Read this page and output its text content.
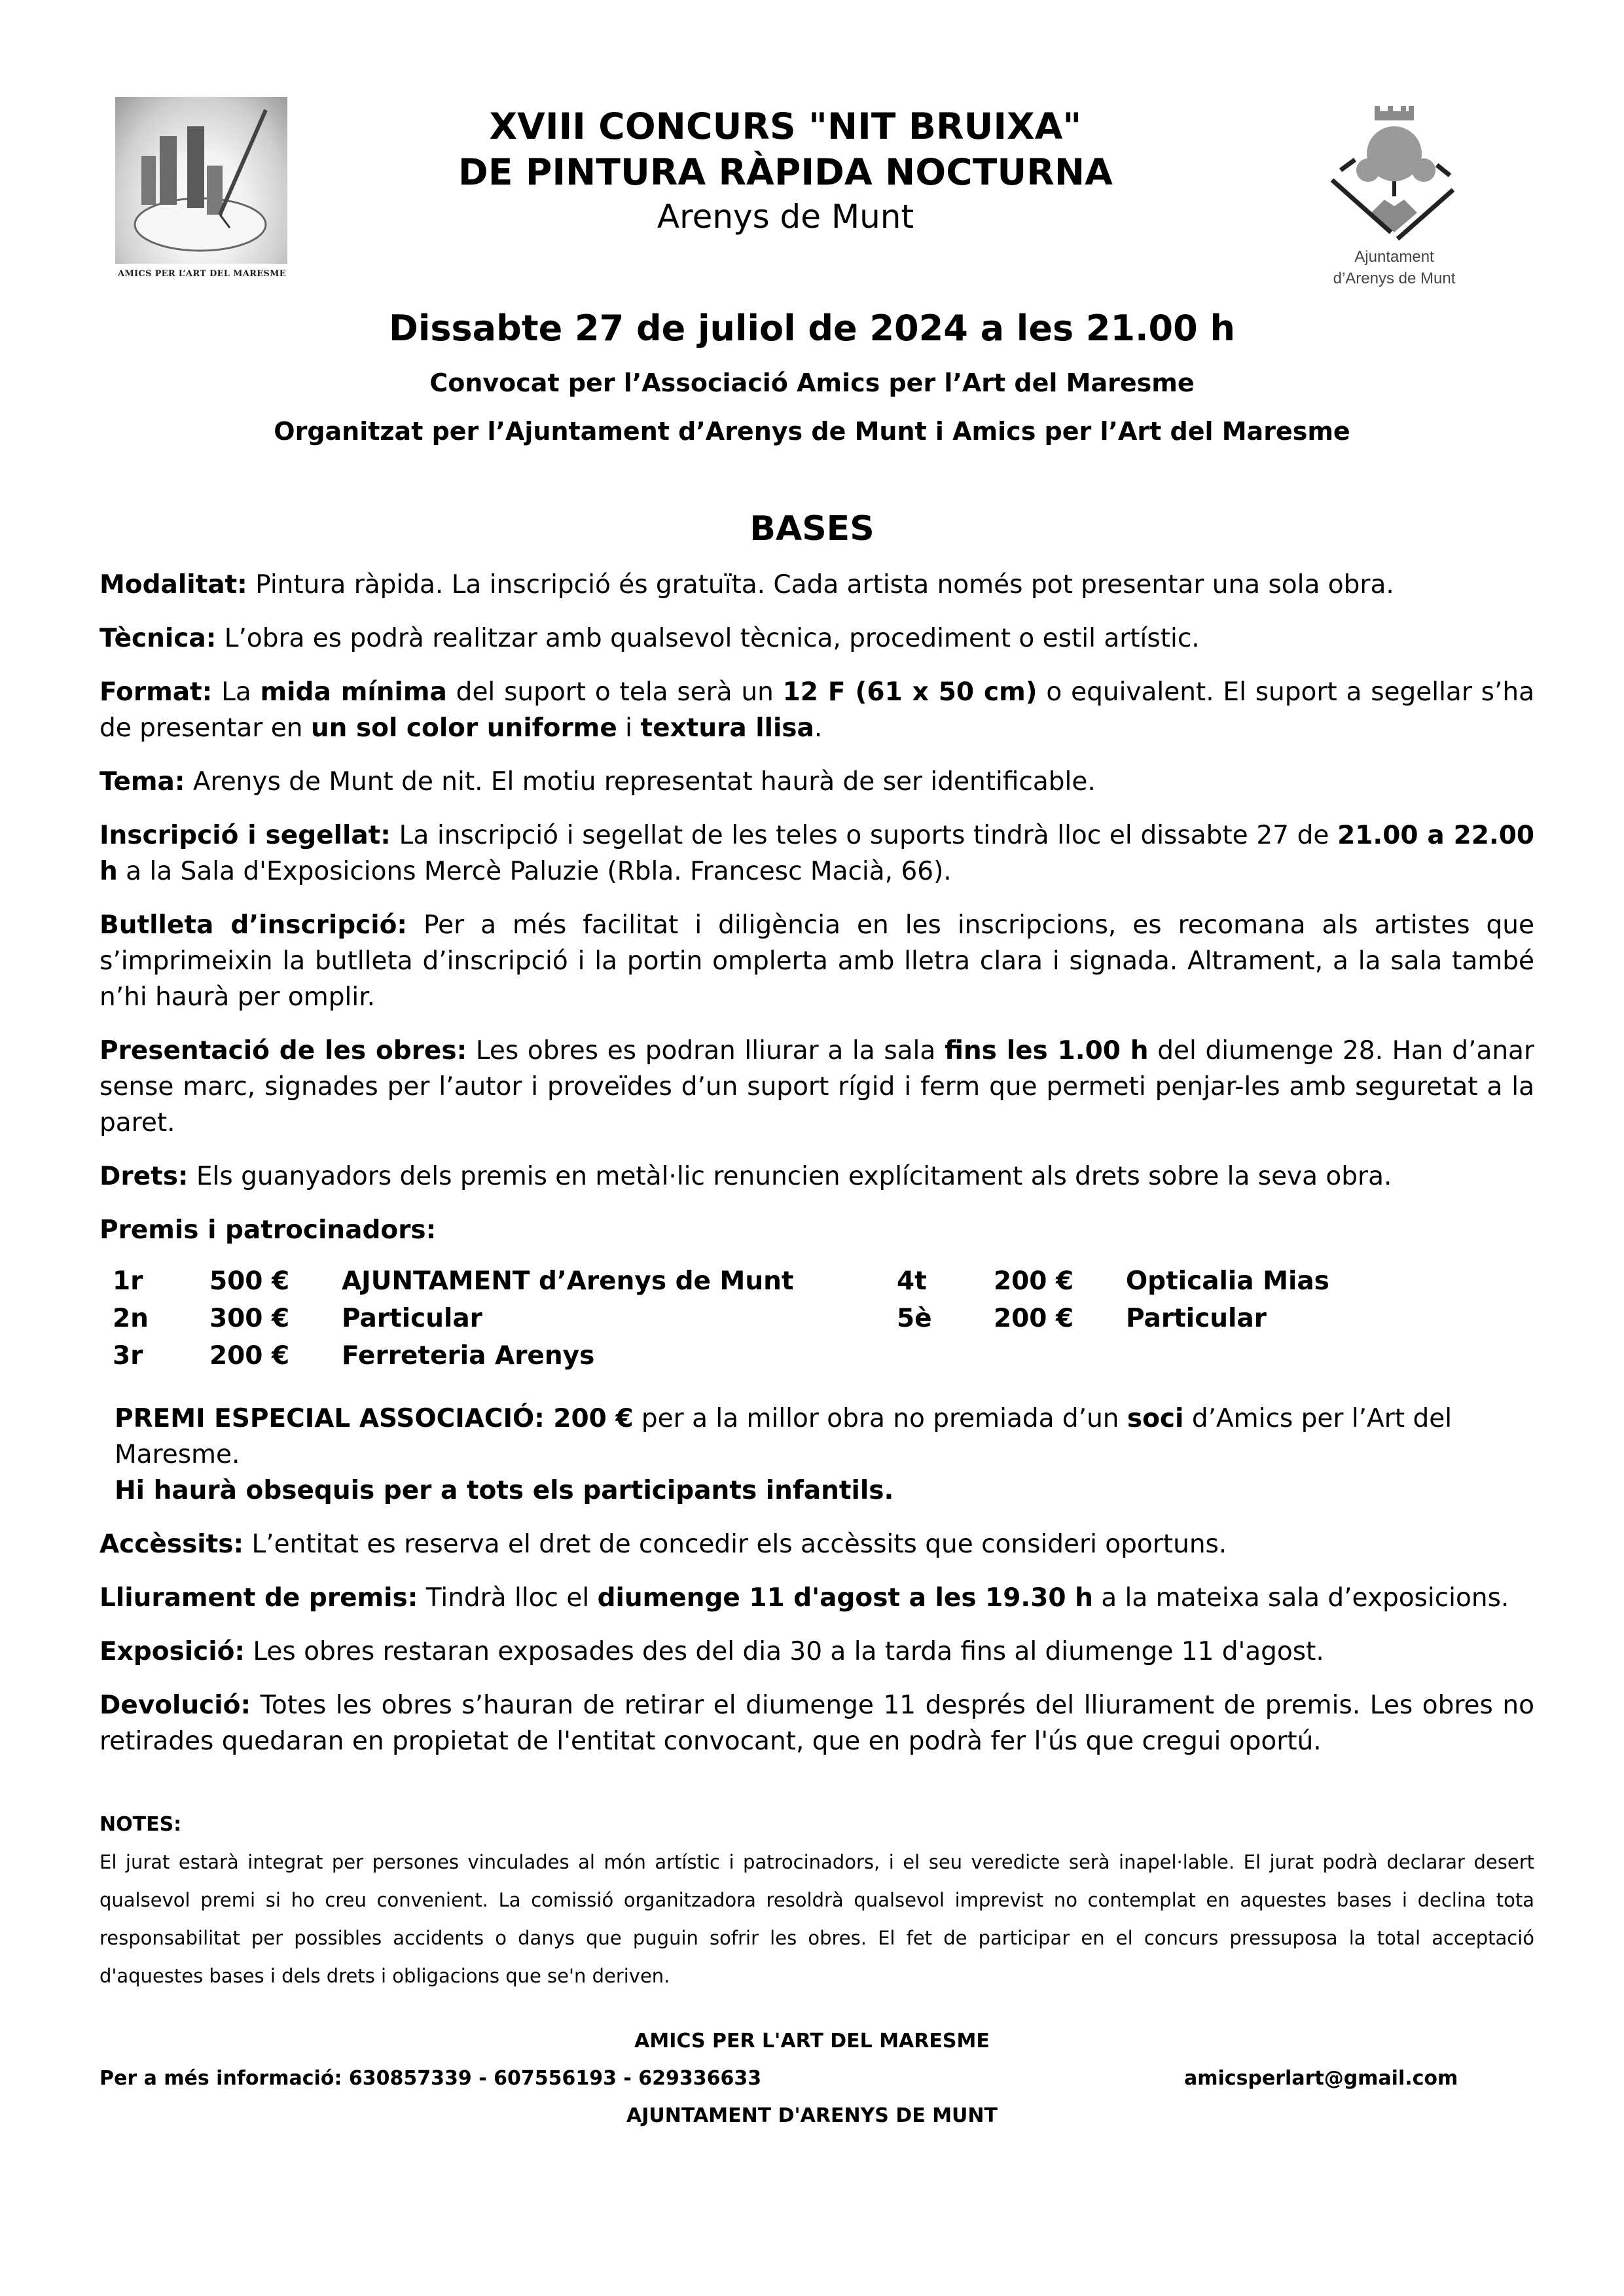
AMICS PER L’ART DEL MARESME
XVIII CONCURS "NIT BRUIXA"
DE PINTURA RÀPIDA NOCTURNA
Arenys de Munt
Ajuntament
d’Arenys de Munt
Dissabte 27 de juliol de 2024 a les 21.00 h
Convocat per l’Associació Amics per l’Art del Maresme
Organitzat per l’Ajuntament d’Arenys de Munt i Amics per l’Art del Maresme
BASES

Modalitat: Pintura ràpida. La inscripció és gratuïta. Cada artista només pot presentar una sola obra.

Tècnica: L’obra es podrà realitzar amb qualsevol tècnica, procediment o estil artístic.

Format: La mida mínima del suport o tela serà un 12 F (61 x 50 cm) o equivalent. El suport a segellar s’ha de presentar en un sol color uniforme i textura llisa.

Tema: Arenys de Munt de nit. El motiu representat haurà de ser identificable.

Inscripció i segellat: La inscripció i segellat de les teles o suports tindrà lloc el dissabte 27 de 21.00 a 22.00 h a la Sala d'Exposicions Mercè Paluzie (Rbla. Francesc Macià, 66).

Butlleta d’inscripció: Per a més facilitat i diligència en les inscripcions, es recomana als artistes que s’imprimeixin la butlleta d’inscripció i la portin omplerta amb lletra clara i signada. Altrament, a la sala també n’hi haurà per omplir.

Presentació de les obres: Les obres es podran lliurar a la sala fins les 1.00 h del diumenge 28. Han d’anar sense marc, signades per l’autor i proveïdes d’un suport rígid i ferm que permeti penjar-les amb seguretat a la paret.

Drets: Els guanyadors dels premis en metàl·lic renuncien explícitament als drets sobre la seva obra.

Premis i patrocinadors:

1r	500 €	AJUNTAMENT d’Arenys de Munt	4t	200 €	Opticalia Mias
2n	300 €	Particular	5è	200 €	Particular
3r	200 €	Ferreteria Arenys

PREMI ESPECIAL ASSOCIACIÓ: 200 € per a la millor obra no premiada d’un soci d’Amics per l’Art del Maresme.

Hi haurà obsequis per a tots els participants infantils.

Accèssits: L’entitat es reserva el dret de concedir els accèssits que consideri oportuns.

Lliurament de premis: Tindrà lloc el diumenge 11 d'agost a les 19.30 h a la mateixa sala d’exposicions.

Exposició: Les obres restaran exposades des del dia 30 a la tarda fins al diumenge 11 d'agost.

Devolució: Totes les obres s’hauran de retirar el diumenge 11 després del lliurament de premis. Les obres no retirades quedaran en propietat de l'entitat convocant, que en podrà fer l'ús que cregui oportú.

NOTES:
El jurat estarà integrat per persones vinculades al món artístic i patrocinadors, i el seu veredicte serà inapel·lable. El jurat podrà declarar desert qualsevol premi si ho creu convenient. La comissió organitzadora resoldrà qualsevol imprevist no contemplat en aquestes bases i declina tota responsabilitat per possibles accidents o danys que puguin sofrir les obres. El fet de participar en el concurs pressuposa la total acceptació d'aquestes bases i dels drets i obligacions que se'n deriven.
AMICS PER L'ART DEL MARESME
Per a més informació: 630857339 - 607556193 - 629336633	amicsperlart@gmail.com
AJUNTAMENT D'ARENYS DE MUNT
